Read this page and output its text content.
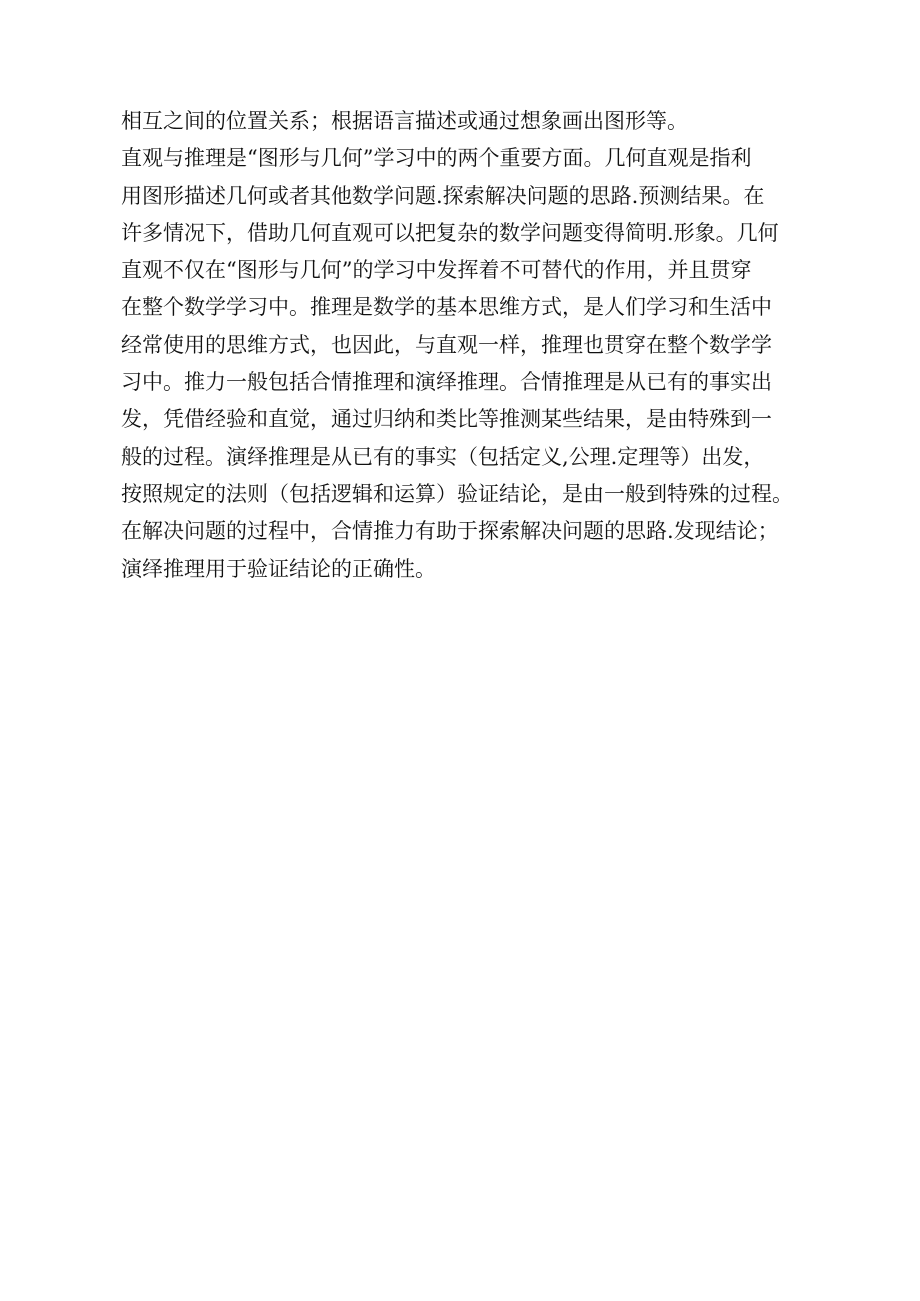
相互之间的位置关系；根据语言描述或通过想象画出图形等。
直观与推理是“图形与几何”学习中的两个重要方面。几何直观是指利
用图形描述几何或者其他数学问题.探索解决问题的思路.预测结果。在
许多情况下，借助几何直观可以把复杂的数学问题变得简明.形象。几何
直观不仅在“图形与几何”的学习中发挥着不可替代的作用，并且贯穿
在整个数学学习中。推理是数学的基本思维方式，是人们学习和生活中
经常使用的思维方式，也因此，与直观一样，推理也贯穿在整个数学学
习中。推力一般包括合情推理和演绎推理。合情推理是从已有的事实出
发，凭借经验和直觉，通过归纳和类比等推测某些结果，是由特殊到一
般的过程。演绎推理是从已有的事实（包括定义,公理.定理等）出发，
按照规定的法则（包括逻辑和运算）验证结论，是由一般到特殊的过程。
在解决问题的过程中，合情推力有助于探索解决问题的思路.发现结论；
演绎推理用于验证结论的正确性。
